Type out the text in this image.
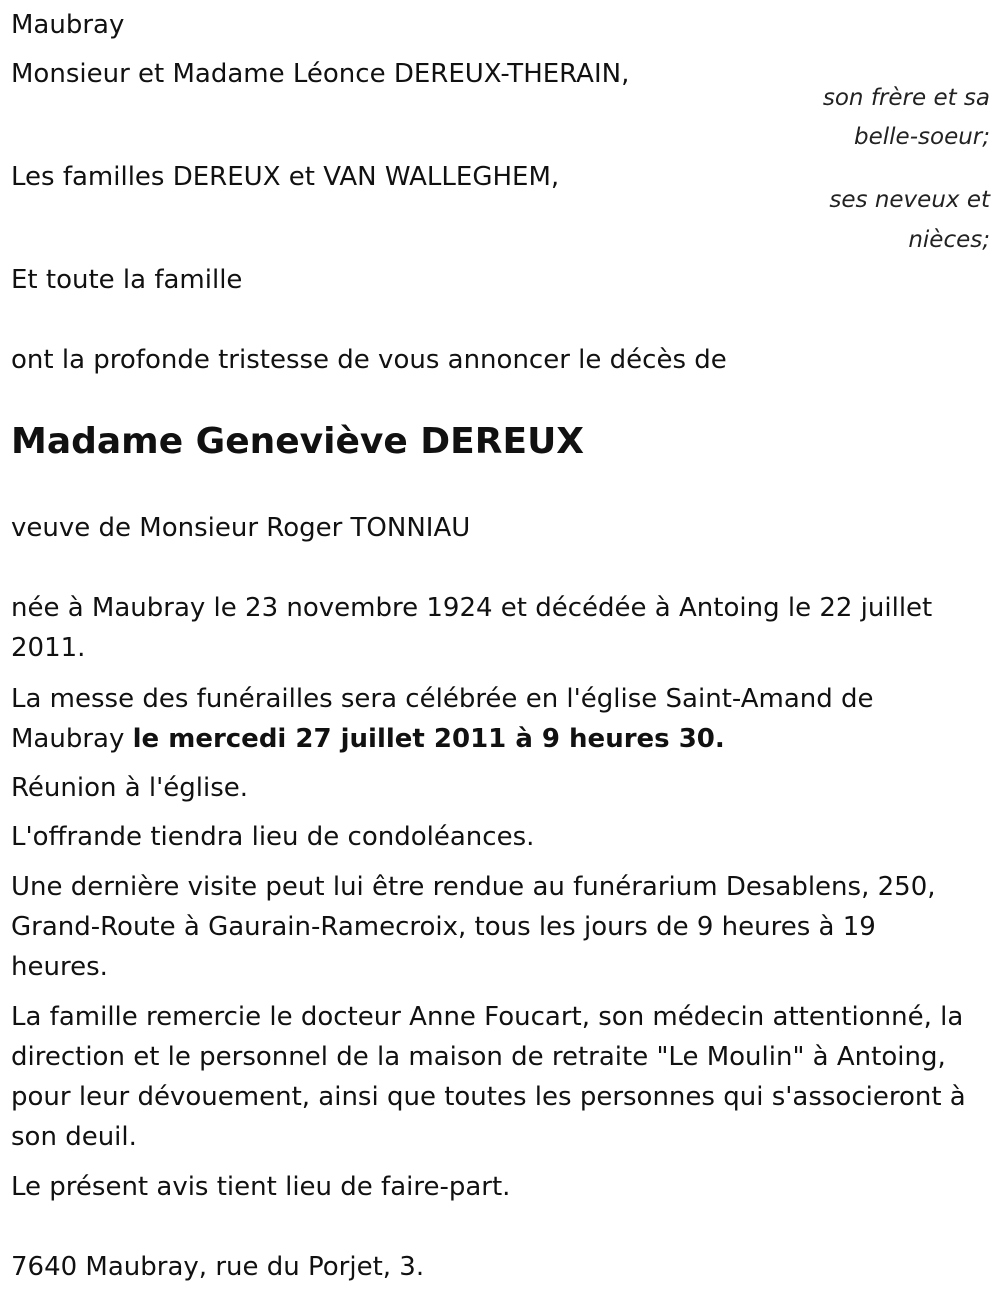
Maubray
Monsieur et Madame Léonce DEREUX-THERAIN,
son frère et sa
belle-soeur;
Les familles DEREUX et VAN WALLEGHEM,
ses neveux et
nièces;
Et toute la famille
ont la profonde tristesse de vous annoncer le décès de
Madame Geneviève DEREUX
veuve de Monsieur Roger TONNIAU
née à Maubray le 23 novembre 1924 et décédée à Antoing le 22 juillet 2011.
La messe des funérailles sera célébrée en l'église Saint-Amand de Maubray le mercedi 27 juillet 2011 à 9 heures 30.
Réunion à l'église.
L'offrande tiendra lieu de condoléances.
Une dernière visite peut lui être rendue au funérarium Desablens, 250, Grand-Route à Gaurain-Ramecroix, tous les jours de 9 heures à 19 heures.
La famille remercie le docteur Anne Foucart, son médecin attentionné, la direction et le personnel de la maison de retraite "Le Moulin" à Antoing, pour leur dévouement, ainsi que toutes les personnes qui s'associeront à son deuil.
Le présent avis tient lieu de faire-part.
7640 Maubray, rue du Porjet, 3.
